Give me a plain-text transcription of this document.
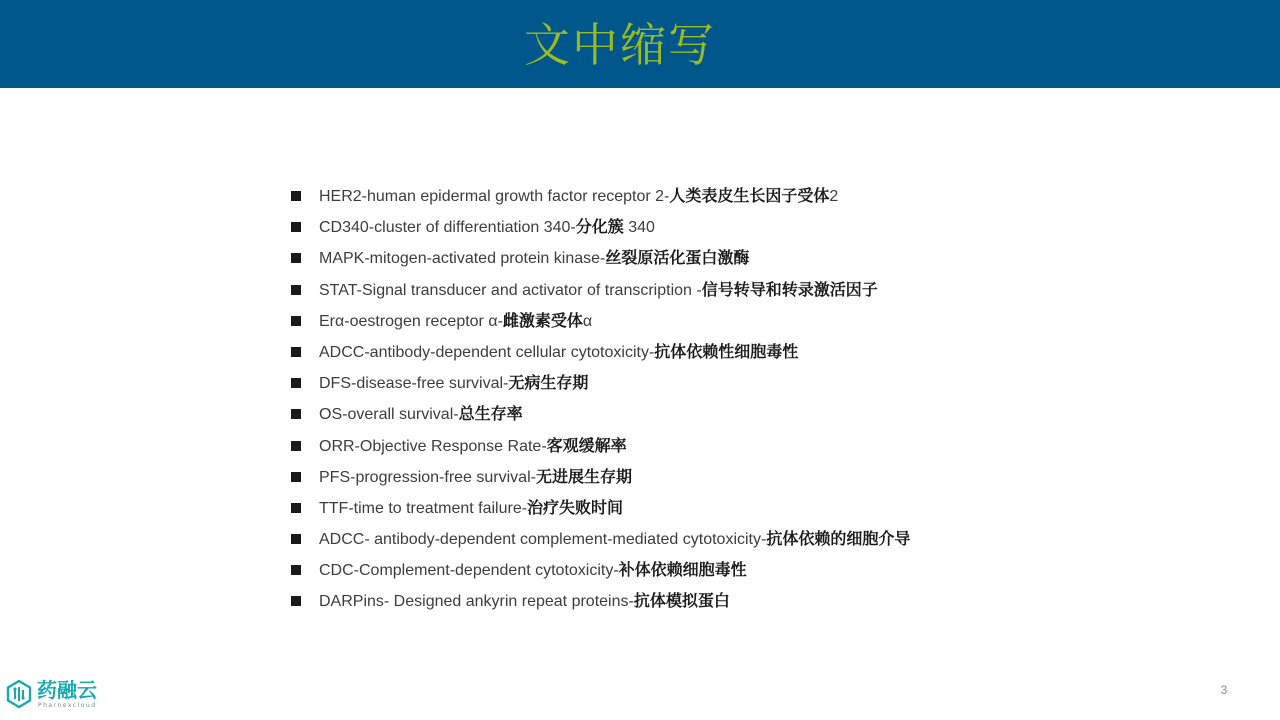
文中缩写
HER2-human epidermal growth factor receptor 2-人类表皮生长因子受体2
CD340-cluster of differentiation 340-分化簇 340
MAPK-mitogen-activated protein kinase-丝裂原活化蛋白激酶
STAT-Signal transducer and activator of transcription -信号转导和转录激活因子
Erα-oestrogen receptor α-雌激素受体α
ADCC-antibody-dependent cellular cytotoxicity-抗体依赖性细胞毒性
DFS-disease-free survival-无病生存期
OS-overall survival-总生存率
ORR-Objective Response Rate-客观缓解率
PFS-progression-free survival-无进展生存期
TTF-time to treatment failure-治疗失败时间
ADCC- antibody-dependent complement-mediated cytotoxicity-抗体依赖的细胞介导
CDC-Complement-dependent cytotoxicity-补体依赖细胞毒性
DARPins- Designed ankyrin repeat proteins-抗体模拟蛋白
药融云
Pharnexcloud
3
